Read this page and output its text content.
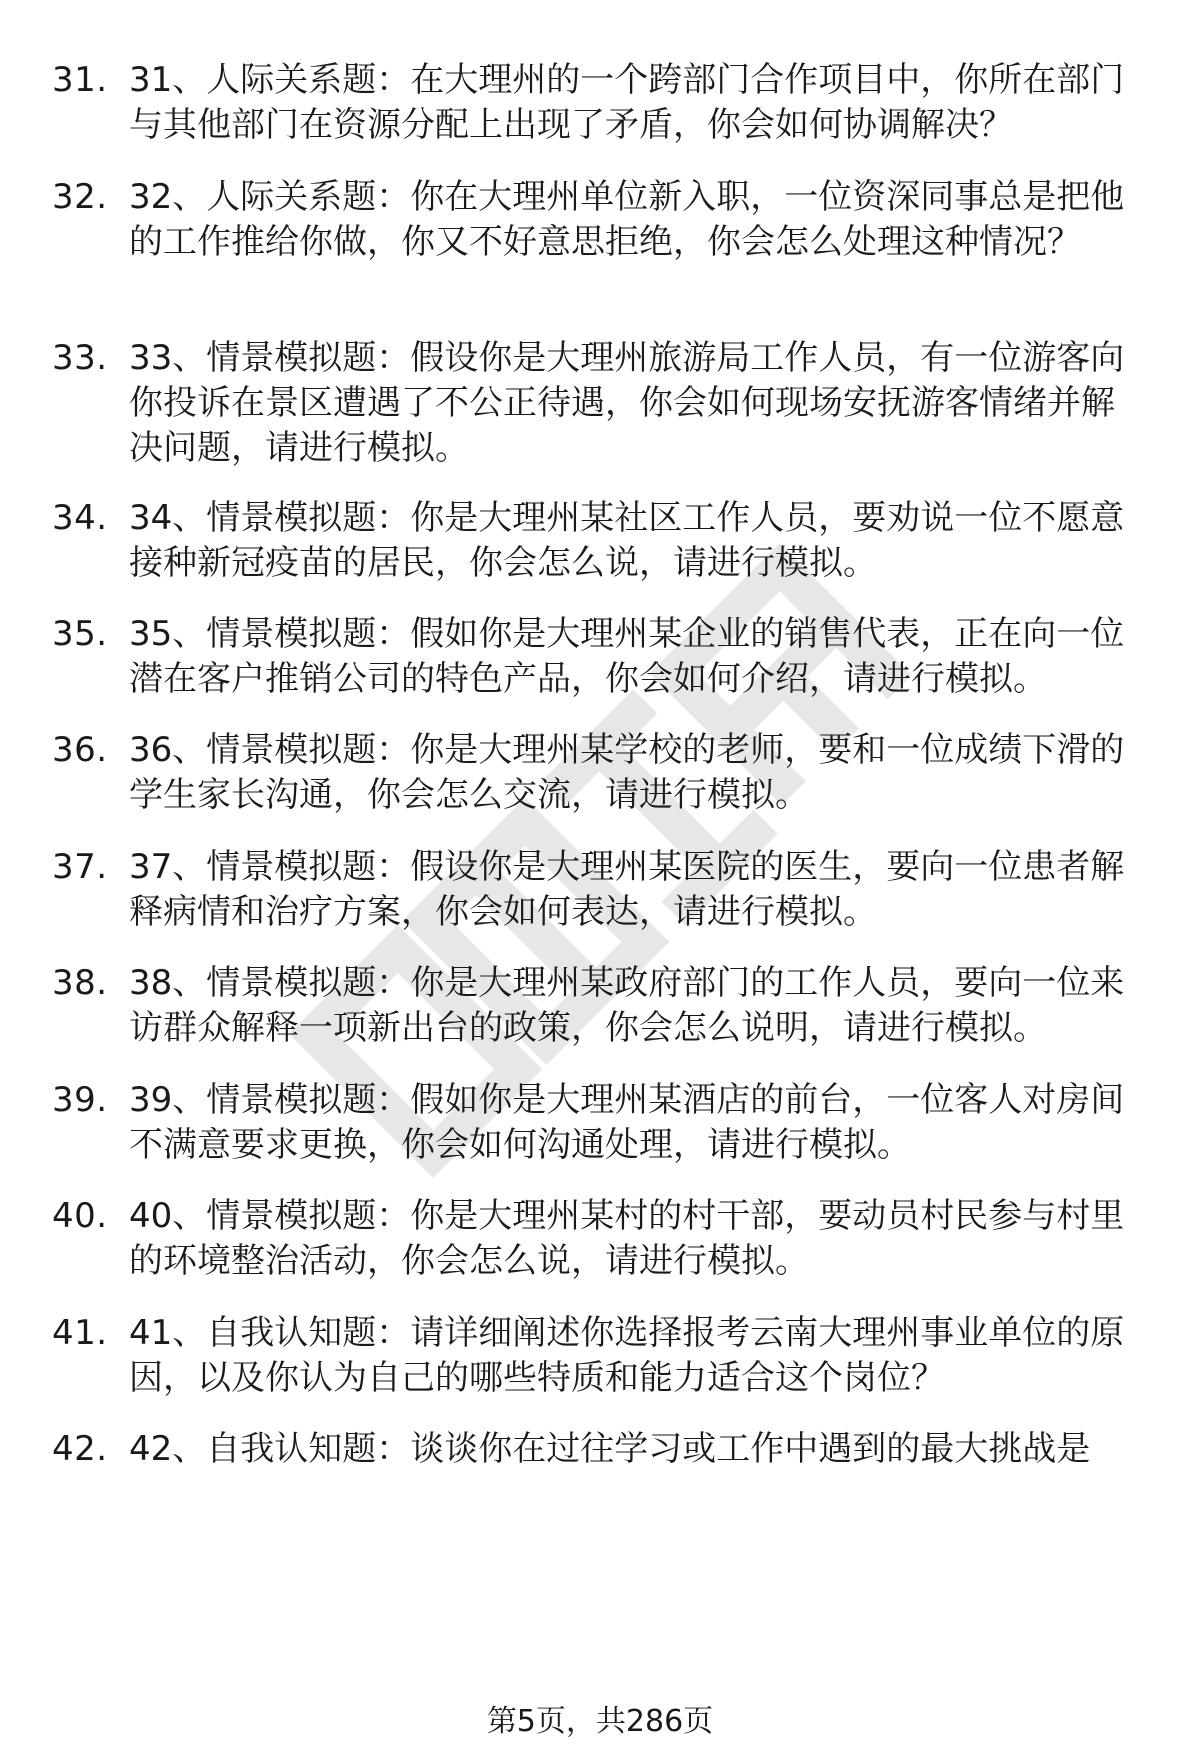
31. 31、人际关系题：在大理州的一个跨部门合作项目中，你所在部门与其他部门在资源分配上出现了矛盾，你会如何协调解决？
32. 32、人际关系题：你在大理州单位新入职，一位资深同事总是把他的工作推给你做，你又不好意思拒绝，你会怎么处理这种情况？
33. 33、情景模拟题：假设你是大理州旅游局工作人员，有一位游客向你投诉在景区遭遇了不公正待遇，你会如何现场安抚游客情绪并解决问题，请进行模拟。
34. 34、情景模拟题：你是大理州某社区工作人员，要劝说一位不愿意接种新冠疫苗的居民，你会怎么说，请进行模拟。
35. 35、情景模拟题：假如你是大理州某企业的销售代表，正在向一位潜在客户推销公司的特色产品，你会如何介绍，请进行模拟。
36. 36、情景模拟题：你是大理州某学校的老师，要和一位成绩下滑的学生家长沟通，你会怎么交流，请进行模拟。
37. 37、情景模拟题：假设你是大理州某医院的医生，要向一位患者解释病情和治疗方案，你会如何表达，请进行模拟。
38. 38、情景模拟题：你是大理州某政府部门的工作人员，要向一位来访群众解释一项新出台的政策，你会怎么说明，请进行模拟。
39. 39、情景模拟题：假如你是大理州某酒店的前台，一位客人对房间不满意要求更换，你会如何沟通处理，请进行模拟。
40. 40、情景模拟题：你是大理州某村的村干部，要动员村民参与村里的环境整治活动，你会怎么说，请进行模拟。
41. 41、自我认知题：请详细阐述你选择报考云南大理州事业单位的原因，以及你认为自己的哪些特质和能力适合这个岗位？
42. 42、自我认知题：谈谈你在过往学习或工作中遇到的最大挑战是
第5页，共286页
